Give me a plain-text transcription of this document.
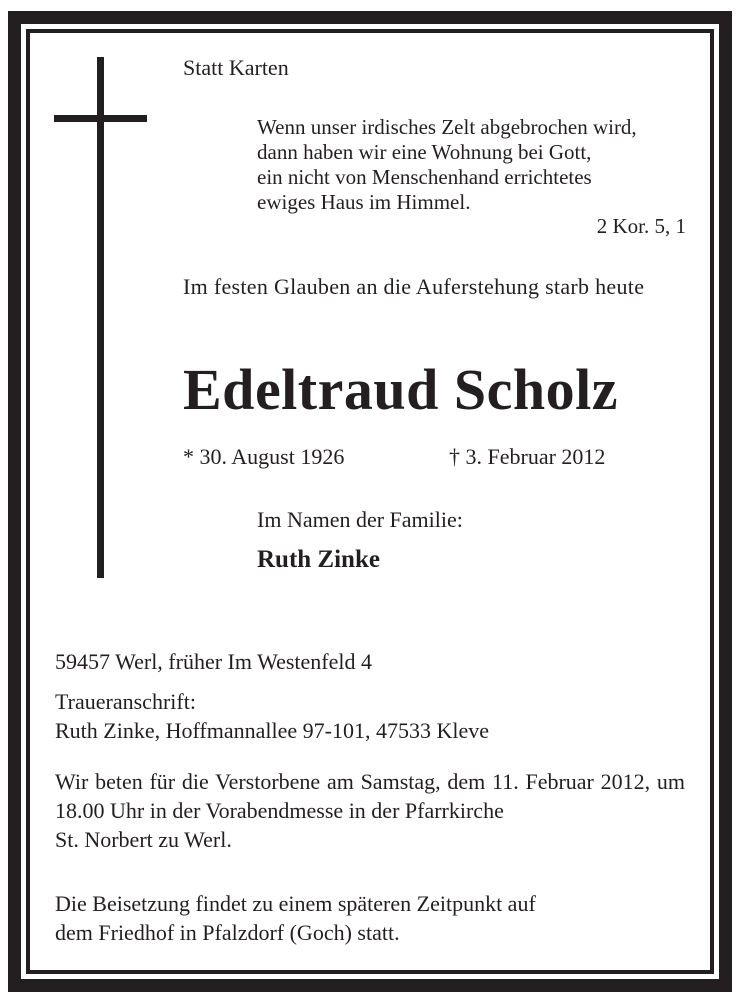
Statt Karten
Wenn unser irdisches Zelt abgebrochen wird,
dann haben wir eine Wohnung bei Gott,
ein nicht von Menschenhand errichtetes
ewiges Haus im Himmel.
2 Kor. 5, 1
Im festen Glauben an die Auferstehung starb heute
Edeltraud Scholz
* 30. August 1926	† 3. Februar 2012
Im Namen der Familie:
Ruth Zinke
59457 Werl, früher Im Westenfeld 4
Traueranschrift:
Ruth Zinke, Hoffmannallee 97-101, 47533 Kleve
Wir beten für die Verstorbene am Samstag, dem 11. Februar 2012, um 18.00 Uhr in der Vorabendmesse in der Pfarrkirche
St. Norbert zu Werl.
Die Beisetzung findet zu einem späteren Zeitpunkt auf
dem Friedhof in Pfalzdorf (Goch) statt.
